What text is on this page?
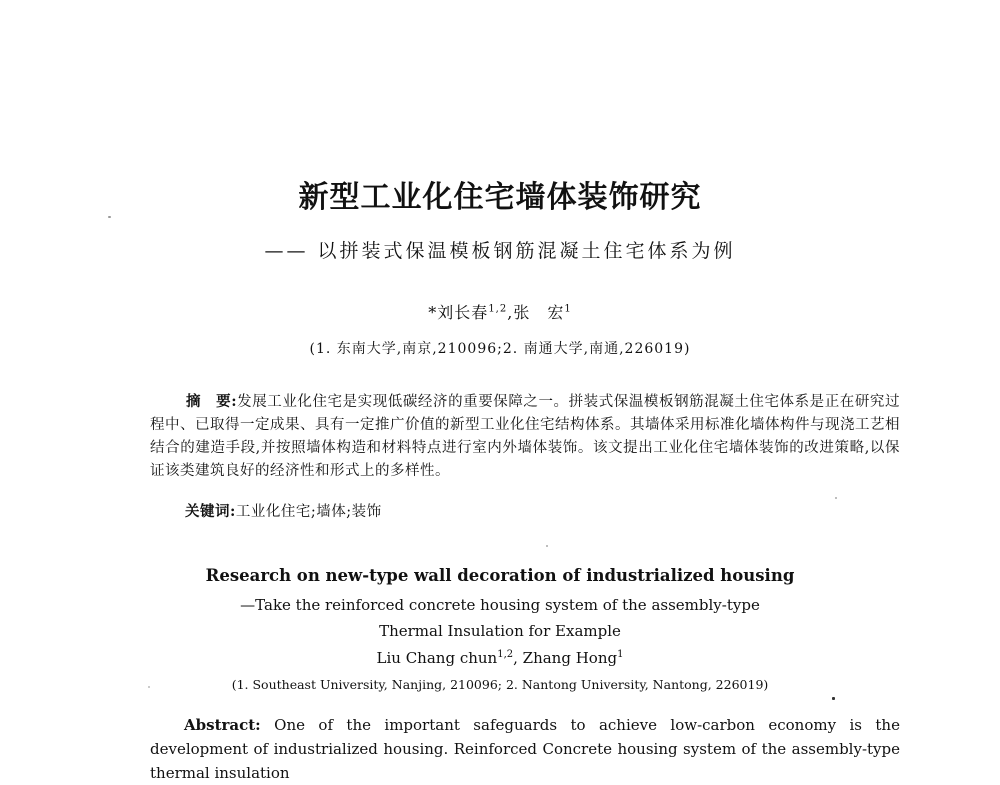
新型工业化住宅墙体装饰研究
—— 以拼装式保温模板钢筋混凝土住宅体系为例
*刘长春$^{1,2}$,张　宏$^1$
(1. 东南大学,南京,210096;2. 南通大学,南通,226019)
摘　要:发展工业化住宅是实现低碳经济的重要保障之一。拼装式保温模板钢筋混凝土住宅体系是正在研究过程中、已取得一定成果、具有一定推广价值的新型工业化住宅结构体系。其墙体采用标准化墙体构件与现浇工艺相结合的建造手段,并按照墙体构造和材料特点进行室内外墙体装饰。该文提出工业化住宅墙体装饰的改进策略,以保证该类建筑良好的经济性和形式上的多样性。
关键词:工业化住宅;墙体;装饰
Research on new-type wall decoration of industrialized housing
—Take the reinforced concrete housing system of the assembly-type
Thermal Insulation for Example
Liu Chang chun$^{1,2}$, Zhang Hong$^1$
(1. Southeast University, Nanjing, 210096; 2. Nantong University, Nantong, 226019)
Abstract: One of the important safeguards to achieve low-carbon economy is the development of industrialized housing. Reinforced Concrete housing system of the assembly-type thermal insulation
